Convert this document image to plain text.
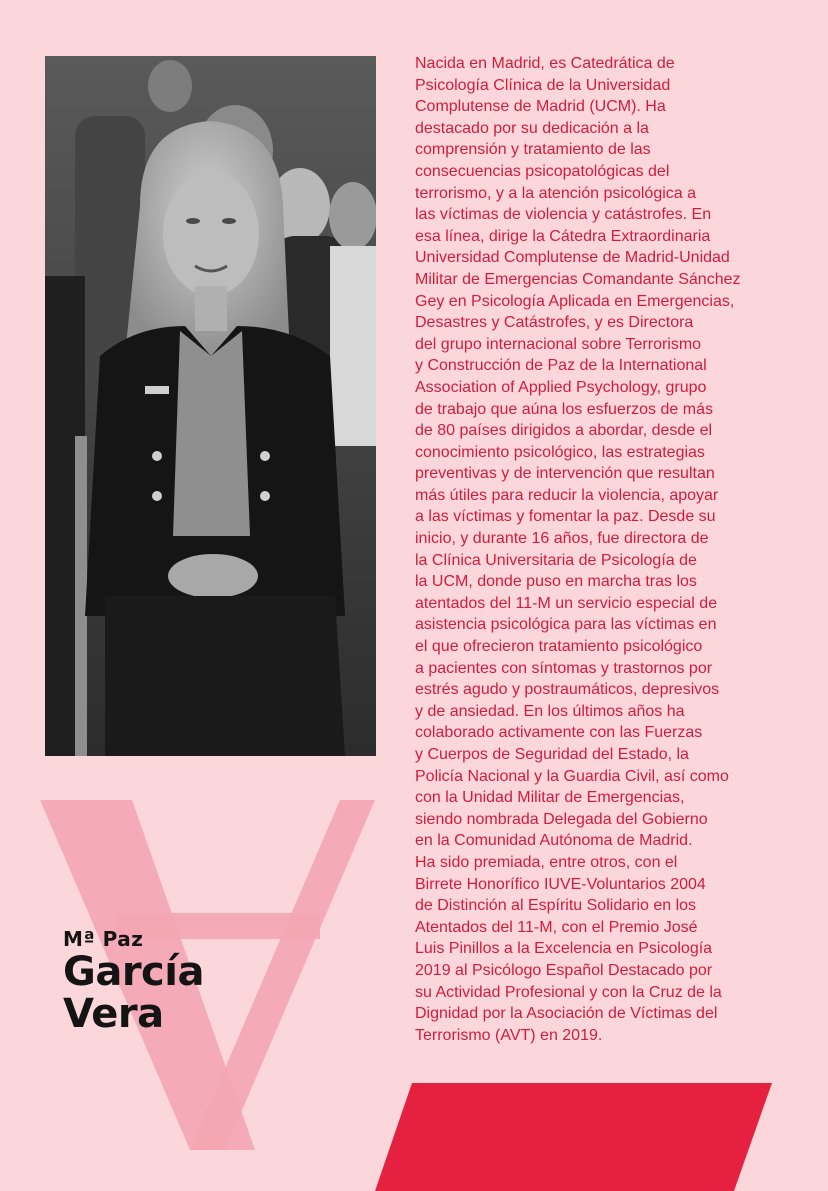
Mª Paz
García
Vera
Nacida en Madrid, es Catedrática de
Psicología Clínica de la Universidad
Complutense de Madrid (UCM). Ha
destacado por su dedicación a la
comprensión y tratamiento de las
consecuencias psicopatológicas del
terrorismo, y a la atención psicológica a
las víctimas de violencia y catástrofes. En
esa línea, dirige la Cátedra Extraordinaria
Universidad Complutense de Madrid-Unidad
Militar de Emergencias Comandante Sánchez
Gey en Psicología Aplicada en Emergencias,
Desastres y Catástrofes, y es Directora
del grupo internacional sobre Terrorismo
y Construcción de Paz de la International
Association of Applied Psychology, grupo
de trabajo que aúna los esfuerzos de más
de 80 países dirigidos a abordar, desde el
conocimiento psicológico, las estrategias
preventivas y de intervención que resultan
más útiles para reducir la violencia, apoyar
a las víctimas y fomentar la paz. Desde su
inicio, y durante 16 años, fue directora de
la Clínica Universitaria de Psicología de
la UCM, donde puso en marcha tras los
atentados del 11-M un servicio especial de
asistencia psicológica para las víctimas en
el que ofrecieron tratamiento psicológico
a pacientes con síntomas y trastornos por
estrés agudo y postraumáticos, depresivos
y de ansiedad. En los últimos años ha
colaborado activamente con las Fuerzas
y Cuerpos de Seguridad del Estado, la
Policía Nacional y la Guardia Civil, así como
con la Unidad Militar de Emergencias,
siendo nombrada Delegada del Gobierno
en la Comunidad Autónoma de Madrid.
Ha sido premiada, entre otros, con el
Birrete Honorífico IUVE-Voluntarios 2004
de Distinción al Espíritu Solidario en los
Atentados del 11-M, con el Premio José
Luis Pinillos a la Excelencia en Psicología
2019 al Psicólogo Español Destacado por
su Actividad Profesional y con la Cruz de la
Dignidad por la Asociación de Víctimas del
Terrorismo (AVT) en 2019.
